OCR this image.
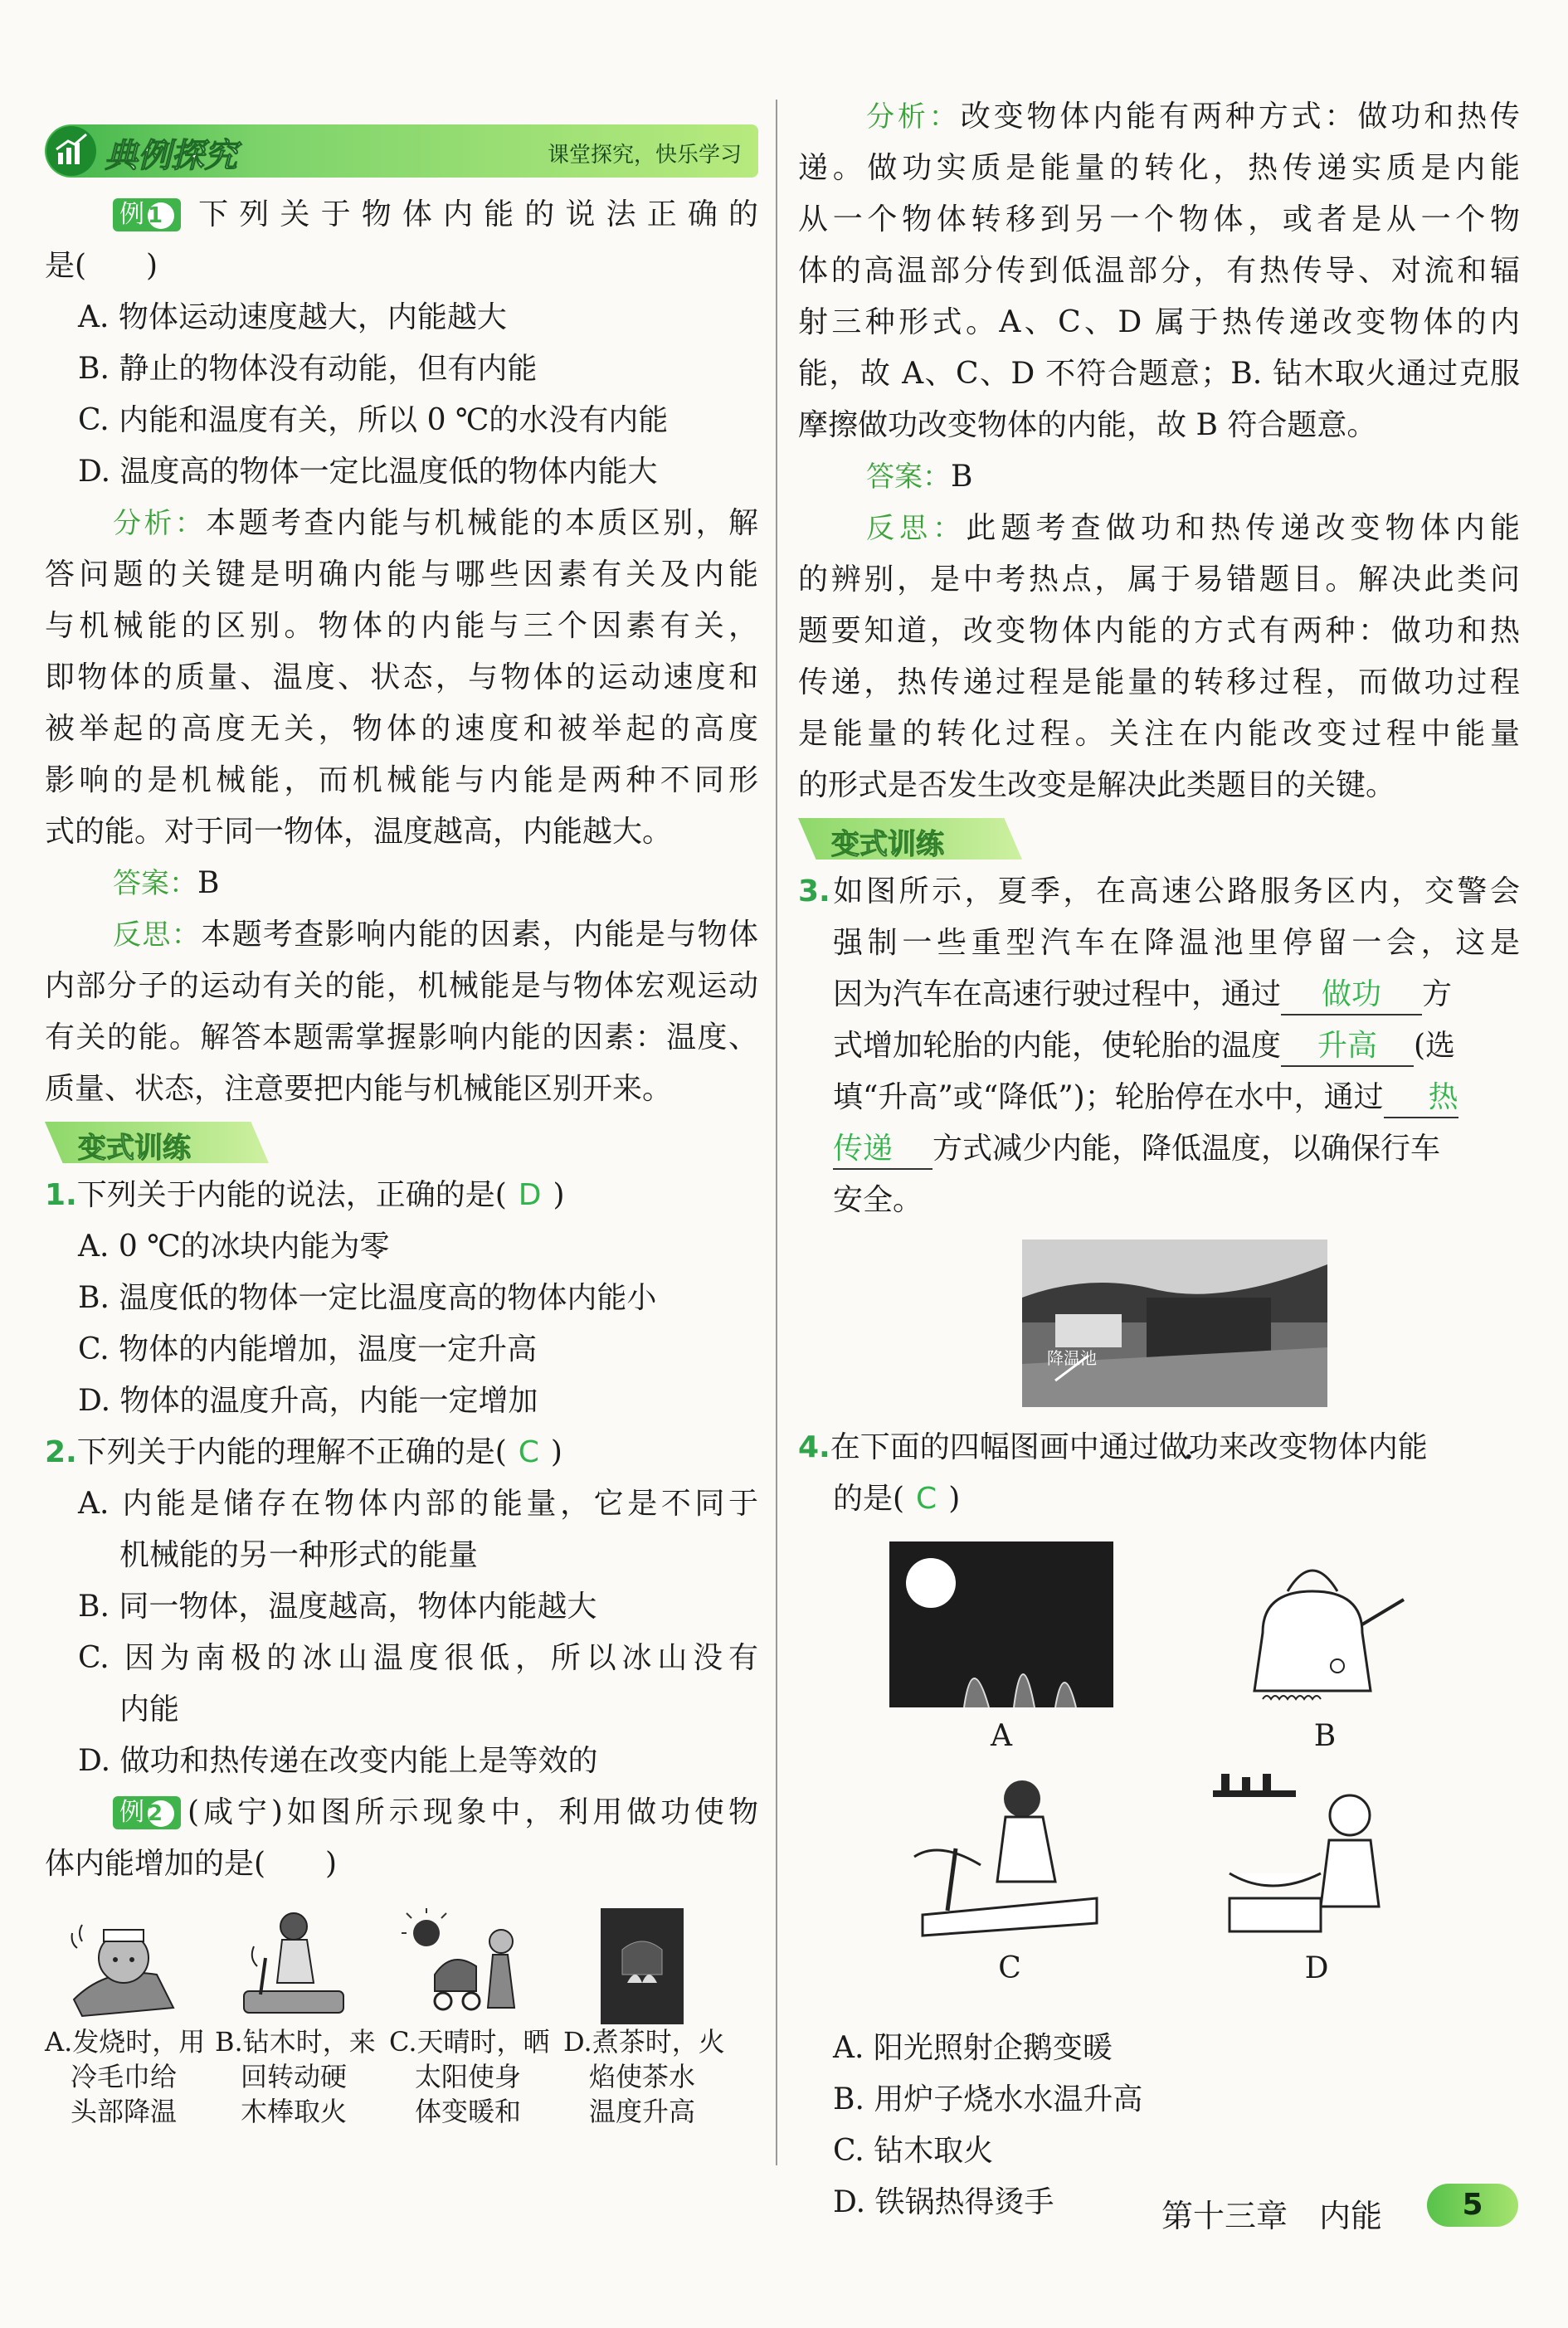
典例探究	课堂探究，快乐学习
例 1 下列关于物体内能的说法正确的
是(　　)
A. 物体运动速度越大，内能越大
B. 静止的物体没有动能，但有内能
C. 内能和温度有关，所以 0 ℃的水没有内能
D. 温度高的物体一定比温度低的物体内能大
分析：本题考查内能与机械能的本质区别，解
答问题的关键是明确内能与哪些因素有关及内能
与机械能的区别。物体的内能与三个因素有关，
即物体的质量、温度、状态，与物体的运动速度和
被举起的高度无关，物体的速度和被举起的高度
影响的是机械能，而机械能与内能是两种不同形
式的能。对于同一物体，温度越高，内能越大。
答案：B
反思：本题考查影响内能的因素，内能是与物体
内部分子的运动有关的能，机械能是与物体宏观运动
有关的能。解答本题需掌握影响内能的因素：温度、
质量、状态，注意要把内能与机械能区别开来。
变式训练
1.下列关于内能的说法，正确的是( D )
A. 0 ℃的冰块内能为零
B. 温度低的物体一定比温度高的物体内能小
C. 物体的内能增加，温度一定升高
D. 物体的温度升高，内能一定增加
2.下列关于内能的理解不正确的是( C )
A. 内能是储存在物体内部的能量，它是不同于
机械能的另一种形式的能量
B. 同一物体，温度越高，物体内能越大
C. 因为南极的冰山温度很低，所以冰山没有
内能
D. 做功和热传递在改变内能上是等效的
例 2 (咸宁)如图所示现象中，利用做功使物
体内能增加的是(　　)
A.发烧时，用
冷毛巾给
头部降温
B.钻木时，来
回转动硬
木棒取火
C.天晴时，晒
太阳使身
体变暖和
D.煮茶时，火
焰使茶水
温度升高
分析：改变物体内能有两种方式：做功和热传
递。做功实质是能量的转化，热传递实质是内能
从一个物体转移到另一个物体，或者是从一个物
体的高温部分传到低温部分，有热传导、对流和辐
射三种形式。A、C、D 属于热传递改变物体的内
能，故 A、C、D 不符合题意；B. 钻木取火通过克服
摩擦做功改变物体的内能，故 B 符合题意。
答案：B
反思：此题考查做功和热传递改变物体内能
的辨别，是中考热点，属于易错题目。解决此类问
题要知道，改变物体内能的方式有两种：做功和热
传递，热传递过程是能量的转移过程，而做功过程
是能量的转化过程。关注在内能改变过程中能量
的形式是否发生改变是解决此类题目的关键。
变式训练
3.如图所示，夏季，在高速公路服务区内，交警会
强制一些重型汽车在降温池里停留一会，这是
因为汽车在高速行驶过程中，通过 做功 方
式增加轮胎的内能，使轮胎的温度 升高 (选
填“升高”或“降低”)；轮胎停在水中，通过 热
传递 方式减少内能，降低温度，以确保行车
安全。
降温池
4.在下面的四幅图画中通过做功来改变物体内能
的是( C )
A	B
C	D
A. 阳光照射企鹅变暖
B. 用炉子烧水水温升高
C. 钻木取火
D. 铁锅热得烫手	第十三章　内能	5
